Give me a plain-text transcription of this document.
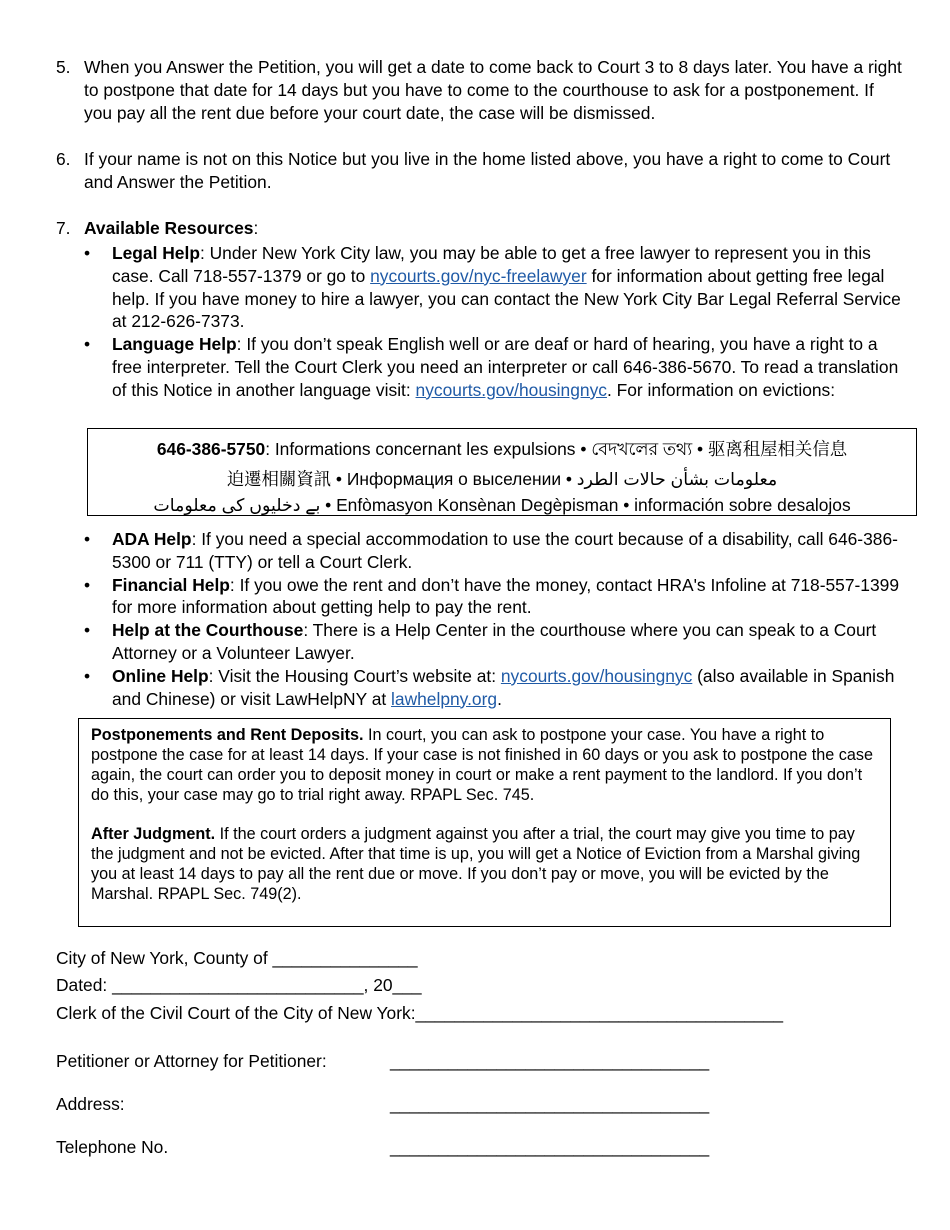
5. When you Answer the Petition, you will get a date to come back to Court 3 to 8 days later. You have a right to postpone that date for 14 days but you have to come to the courthouse to ask for a postponement. If you pay all the rent due before your court date, the case will be dismissed.
6. If your name is not on this Notice but you live in the home listed above, you have a right to come to Court and Answer the Petition.
7. Available Resources:
• Legal Help: Under New York City law, you may be able to get a free lawyer to represent you in this case. Call 718-557-1379 or go to nycourts.gov/nyc-freelawyer for information about getting free legal help. If you have money to hire a lawyer, you can contact the New York City Bar Legal Referral Service at 212-626-7373.
• Language Help: If you don’t speak English well or are deaf or hard of hearing, you have a right to a free interpreter. Tell the Court Clerk you need an interpreter or call 646-386-5670. To read a translation of this Notice in another language visit: nycourts.gov/housingnyc. For information on evictions:
646-386-5750: Informations concernant les expulsions • বেদখলের তথ্য • 驱离租屋相关信息
迫遷相關資訊 • Информация о выселении • معلومات بشأن حالات الطرد
بے دخلیوں کی معلومات • Enfòmasyon Konsènan Degèpisman • información sobre desalojos
• ADA Help: If you need a special accommodation to use the court because of a disability, call 646-386-5300 or 711 (TTY) or tell a Court Clerk.
• Financial Help: If you owe the rent and don’t have the money, contact HRA's Infoline at 718-557-1399 for more information about getting help to pay the rent.
• Help at the Courthouse: There is a Help Center in the courthouse where you can speak to a Court Attorney or a Volunteer Lawyer.
• Online Help: Visit the Housing Court’s website at: nycourts.gov/housingnyc (also available in Spanish and Chinese) or visit LawHelpNY at lawhelpny.org.

Postponements and Rent Deposits. In court, you can ask to postpone your case. You have a right to postpone the case for at least 14 days. If your case is not finished in 60 days or you ask to postpone the case again, the court can order you to deposit money in court or make a rent payment to the landlord. If you don’t do this, your case may go to trial right away. RPAPL Sec. 745.

After Judgment. If the court orders a judgment against you after a trial, the court may give you time to pay the judgment and not be evicted. After that time is up, you will get a Notice of Eviction from a Marshal giving you at least 14 days to pay all the rent due or move. If you don’t pay or move, you will be evicted by the Marshal. RPAPL Sec. 749(2).

City of New York, County of _______________
Dated: __________________________, 20___
Clerk of the Civil Court of the City of New York:______________________________________
Petitioner or Attorney for Petitioner:	_________________________________
Address:	_________________________________
Telephone No.	_________________________________
